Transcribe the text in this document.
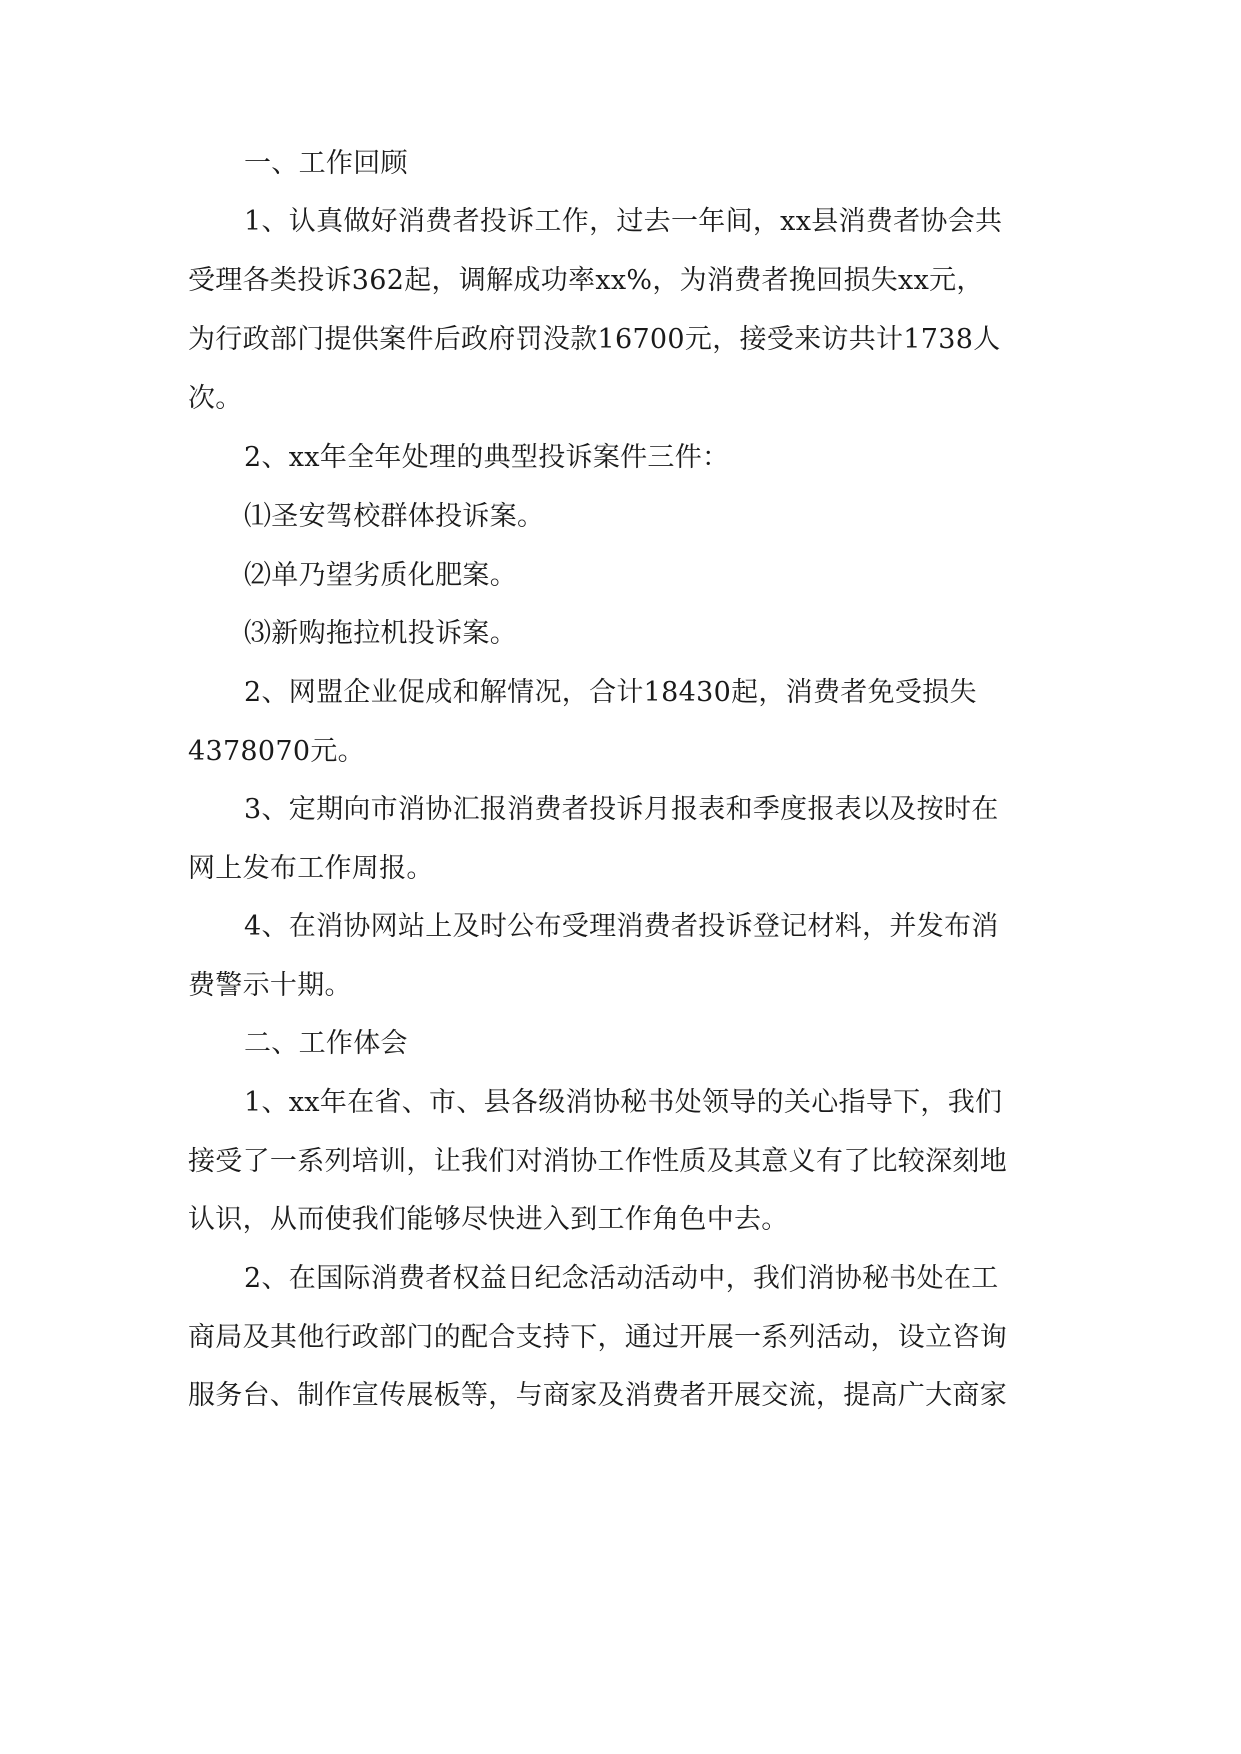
一、工作回顾
1、认真做好消费者投诉工作，过去一年间，xx县消费者协会共
受理各类投诉362起，调解成功率xx%，为消费者挽回损失xx元，
为行政部门提供案件后政府罚没款16700元，接受来访共计1738人
次。
2、xx年全年处理的典型投诉案件三件：
⑴圣安驾校群体投诉案。
⑵单乃望劣质化肥案。
⑶新购拖拉机投诉案。
2、网盟企业促成和解情况，合计18430起，消费者免受损失
4378070元。
3、定期向市消协汇报消费者投诉月报表和季度报表以及按时在
网上发布工作周报。
4、在消协网站上及时公布受理消费者投诉登记材料，并发布消
费警示十期。
二、工作体会
1、xx年在省、市、县各级消协秘书处领导的关心指导下，我们
接受了一系列培训，让我们对消协工作性质及其意义有了比较深刻地
认识，从而使我们能够尽快进入到工作角色中去。
2、在国际消费者权益日纪念活动活动中，我们消协秘书处在工
商局及其他行政部门的配合支持下，通过开展一系列活动，设立咨询
服务台、制作宣传展板等，与商家及消费者开展交流，提高广大商家
